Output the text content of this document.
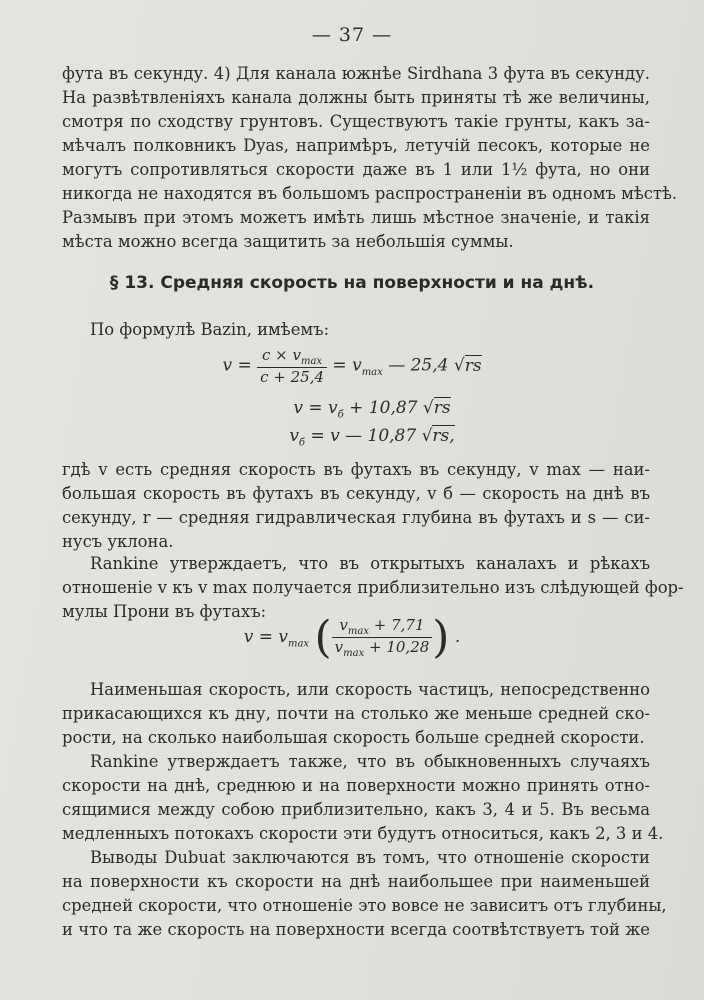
— 37 —
фута въ секунду. 4) Для канала южнѣе Sirdhana 3 фута въ секунду.
На развѣтвленіяхъ канала должны быть приняты тѣ же величины,
смотря по сходству грунтовъ. Существуютъ такіе грунты, какъ за-
мѣчалъ полковникъ Dyas, напримѣръ, летучій песокъ, которые не
могутъ сопротивляться скорости даже въ 1 или 1½ фута, но они
никогда не находятся въ большомъ распространеніи въ одномъ мѣстѣ.
Размывъ при этомъ можетъ имѣть лишь мѣстное значеніе, и такія
мѣста можно всегда защитить за небольшія суммы.
§ 13. Средняя скорость на поверхности и на днѣ.
По формулѣ Bazin, имѣемъ:
$v = \frac{c \times v_{max}}{c + 25,4} = v_{max}$ — 25,4 √rs
$v = v_б + 10,87$ √rs
$v_б = v$ — 10,87 √rs,
гдѣ v есть средняя скорость въ футахъ въ секунду, v max — наи-
большая скорость въ футахъ въ секунду, v б — скорость на днѣ въ
секунду, r — средняя гидравлическая глубина въ футахъ и s — си-
нусъ уклона.
Rankine утверждаетъ, что въ открытыхъ каналахъ и рѣкахъ
отношеніе v къ v max получается приблизительно изъ слѣдующей фор-
мулы Прони въ футахъ:
$v = v_{max}$ ( $\frac{v_{max} + 7,71}{v_{max} + 10,28}$ ) .
Наименьшая скорость, или скорость частицъ, непосредственно
прикасающихся къ дну, почти на столько же меньше средней ско-
рости, на сколько наибольшая скорость больше средней скорости.
Rankine утверждаетъ также, что въ обыкновенныхъ случаяхъ
скорости на днѣ, среднюю и на поверхности можно принять отно-
сящимися между собою приблизительно, какъ 3, 4 и 5. Въ весьма
медленныхъ потокахъ скорости эти будутъ относиться, какъ 2, 3 и 4.
Выводы Dubuat заключаются въ томъ, что отношеніе скорости
на поверхности къ скорости на днѣ наибольшее при наименьшей
средней скорости, что отношеніе это вовсе не зависитъ отъ глубины,
и что та же скорость на поверхности всегда соотвѣтствуетъ той же
